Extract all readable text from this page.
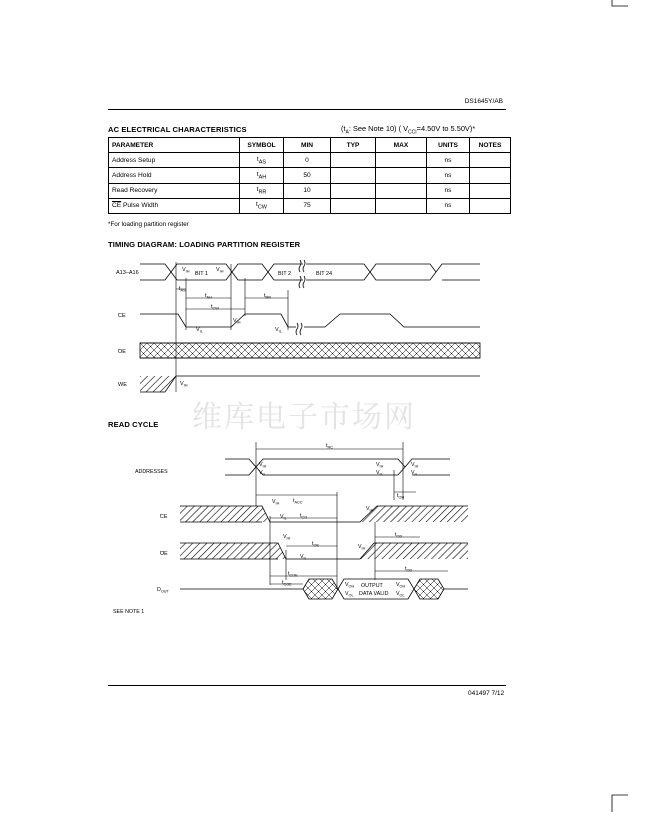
DS1645Y/AB
AC ELECTRICAL CHARACTERISTICS	($t_A$: See Note 10) ( $V_{CCI}=4.50V$ to 5.50V)*
PARAMETER	SYMBOL	MIN	TYP	MAX	UNITS	NOTES
Address Setup	$t_{AS}$	0			ns	
Address Hold	$t_{AH}$	50			ns	
Read Recovery	$t_{RR}$	10			ns	
$\overline{CE}$ Pulse Width	$t_{CW}$	75			ns	
*For loading partition register
TIMING DIAGRAM: LOADING PARTITION REGISTER
维库电子市场网
READ CYCLE
A13–A16
CE
OE
WE
BIT 1	BIT 2	BIT 24
$V_{IH}$	$V_{IH}$
$V_{IH}$
$V_{IH}$
$V_{IL}$	$V_{IL}$
$t_{AS}$
$t_{AH}$
$t_{CW}$
$t_{RR}$
ADDRESSES
CE
OE
$D_{OUT}$
$t_{RC}$
$t_{ACC}$
$t_{CO}$
$t_{OE}$
$t_{OH}$
$t_{OD}$
$t_{OD}$
$t_{COE}$
$t_{COE}$
$V_{IH}$
$V_{IL}$
$V_{IH}$
$V_{IL}$
$V_{IH}$
$V_{IL}$
$V_{IH}$
$V_{IL}$
$V_{IH}$
$V_{IH}$
$V_{IL}$
$V_{IH}$
$V_{OH}$
$V_{OL}$
$V_{OH}$
$V_{OL}$
OUTPUT
DATA VALID
SEE NOTE 1
041497 7/12
